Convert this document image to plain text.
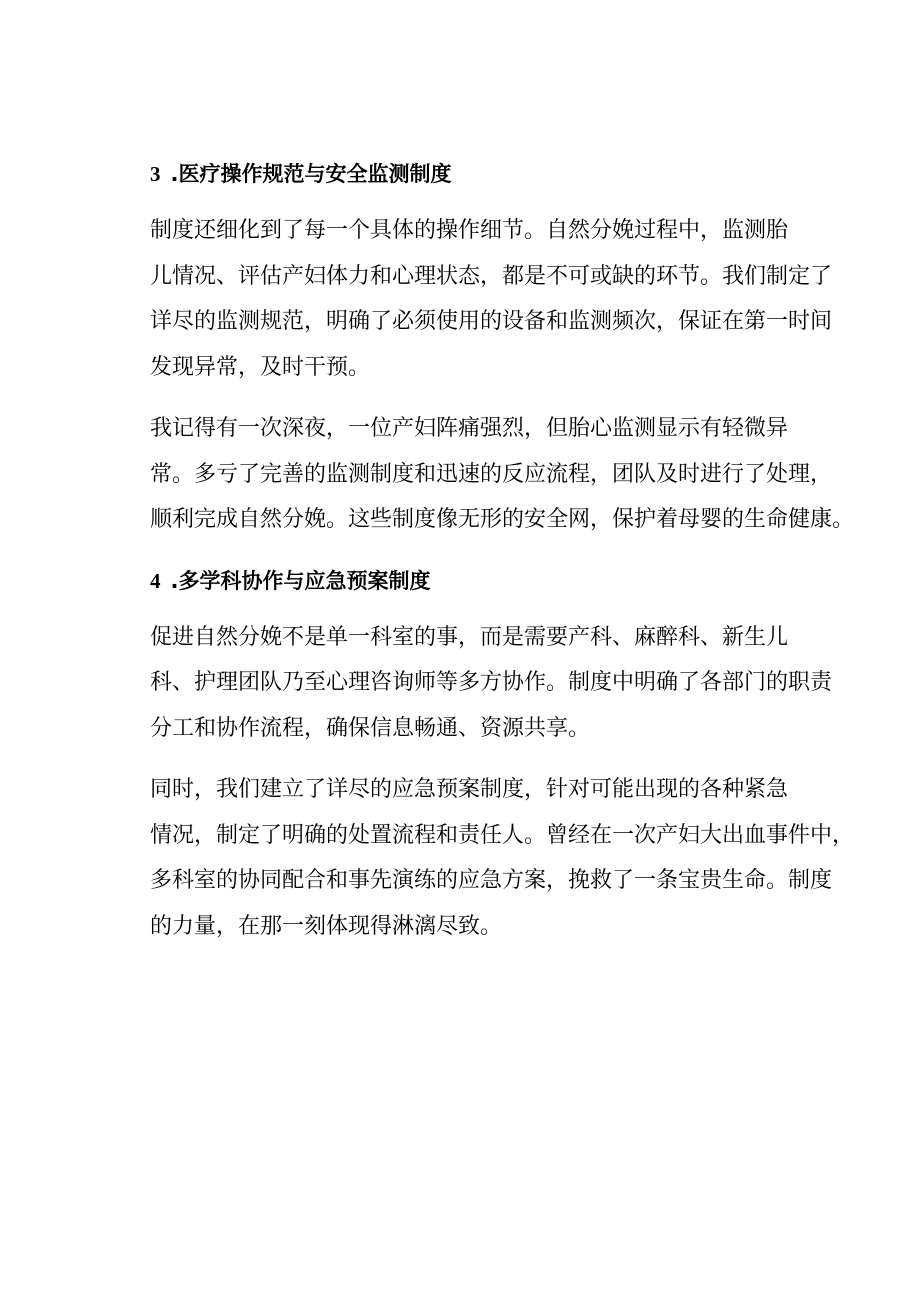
3 .医疗操作规范与安全监测制度
制度还细化到了每一个具体的操作细节。自然分娩过程中，监测胎
儿情况、评估产妇体力和心理状态，都是不可或缺的环节。我们制定了
详尽的监测规范，明确了必须使用的设备和监测频次，保证在第一时间
发现异常，及时干预。
我记得有一次深夜，一位产妇阵痛强烈，但胎心监测显示有轻微异
常。多亏了完善的监测制度和迅速的反应流程，团队及时进行了处理，
顺利完成自然分娩。这些制度像无形的安全网，保护着母婴的生命健康。
4 .多学科协作与应急预案制度
促进自然分娩不是单一科室的事，而是需要产科、麻醉科、新生儿
科、护理团队乃至心理咨询师等多方协作。制度中明确了各部门的职责
分工和协作流程，确保信息畅通、资源共享。
同时，我们建立了详尽的应急预案制度，针对可能出现的各种紧急
情况，制定了明确的处置流程和责任人。曾经在一次产妇大出血事件中，
多科室的协同配合和事先演练的应急方案，挽救了一条宝贵生命。制度
的力量，在那一刻体现得淋漓尽致。
